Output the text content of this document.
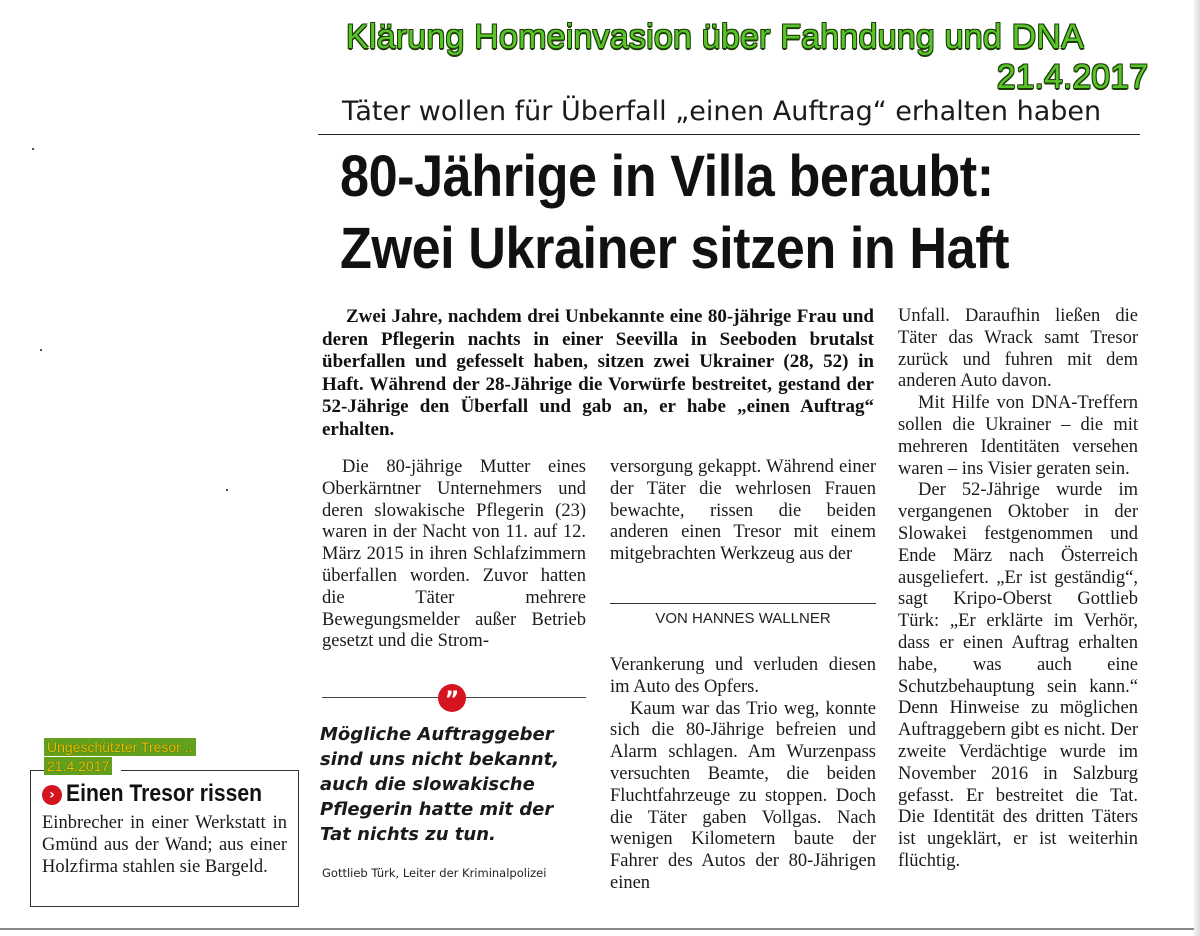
Klärung Homeinvasion über Fahndung und DNA
21.4.2017
Täter wollen für Überfall „einen Auftrag“ erhalten haben
80-Jährige in Villa beraubt:
Zwei Ukrainer sitzen in Haft
Zwei Jahre, nachdem drei Unbekannte eine 80-jährige Frau und deren Pflegerin nachts in einer Seevilla in Seeboden brutalst überfallen und gefesselt haben, sitzen zwei Ukrainer (28, 52) in Haft. Während der 28-Jährige die Vorwürfe bestreitet, gestand der 52-Jährige den Überfall und gab an, er habe „einen Auftrag“ erhalten.

Die 80-jährige Mutter eines Oberkärntner Unternehmers und deren slowakische Pflegerin (23) waren in der Nacht von 11. auf 12. März 2015 in ihren Schlafzimmern überfallen worden. Zuvor hatten die Täter mehrere Bewegungsmelder außer Betrieb gesetzt und die Strom-

versorgung gekappt. Während einer der Täter die wehrlosen Frauen bewachte, rissen die beiden anderen einen Tresor mit einem mitgebrachten Werkzeug aus der

VON HANNES WALLNER

Verankerung und verluden diesen im Auto des Opfers.

Kaum war das Trio weg, konnte sich die 80-Jährige befreien und Alarm schlagen. Am Wurzenpass versuchten Beamte, die beiden Fluchtfahrzeuge zu stoppen. Doch die Täter gaben Vollgas. Nach wenigen Kilometern baute der Fahrer des Autos der 80-Jährigen einen

Unfall. Daraufhin ließen die Täter das Wrack samt Tresor zurück und fuhren mit dem anderen Auto davon.

Mit Hilfe von DNA-Treffern sollen die Ukrainer – die mit mehreren Identitäten versehen waren – ins Visier geraten sein.

Der 52-Jährige wurde im vergangenen Oktober in der Slowakei festgenommen und Ende März nach Österreich ausgeliefert. „Er ist geständig“, sagt Kripo-Oberst Gottlieb Türk: „Er erklärte im Verhör, dass er einen Auftrag erhalten habe, was auch eine Schutzbehauptung sein kann.“ Denn Hinweise zu möglichen Auftraggebern gibt es nicht. Der zweite Verdächtige wurde im November 2016 in Salzburg gefasst. Er bestreitet die Tat. Die Identität des dritten Täters ist ungeklärt, er ist weiterhin flüchtig.

”
Mögliche Auftraggeber sind uns nicht bekannt, auch die slowakische Pflegerin hatte mit der Tat nichts zu tun.
Gottlieb Türk, Leiter der Kriminalpolizei
Ungeschützter Tresor ..
21.4.2017
› Einen Tresor rissen
Einbrecher in einer Werkstatt in Gmünd aus der Wand; aus einer Holzfirma stahlen sie Bargeld.
